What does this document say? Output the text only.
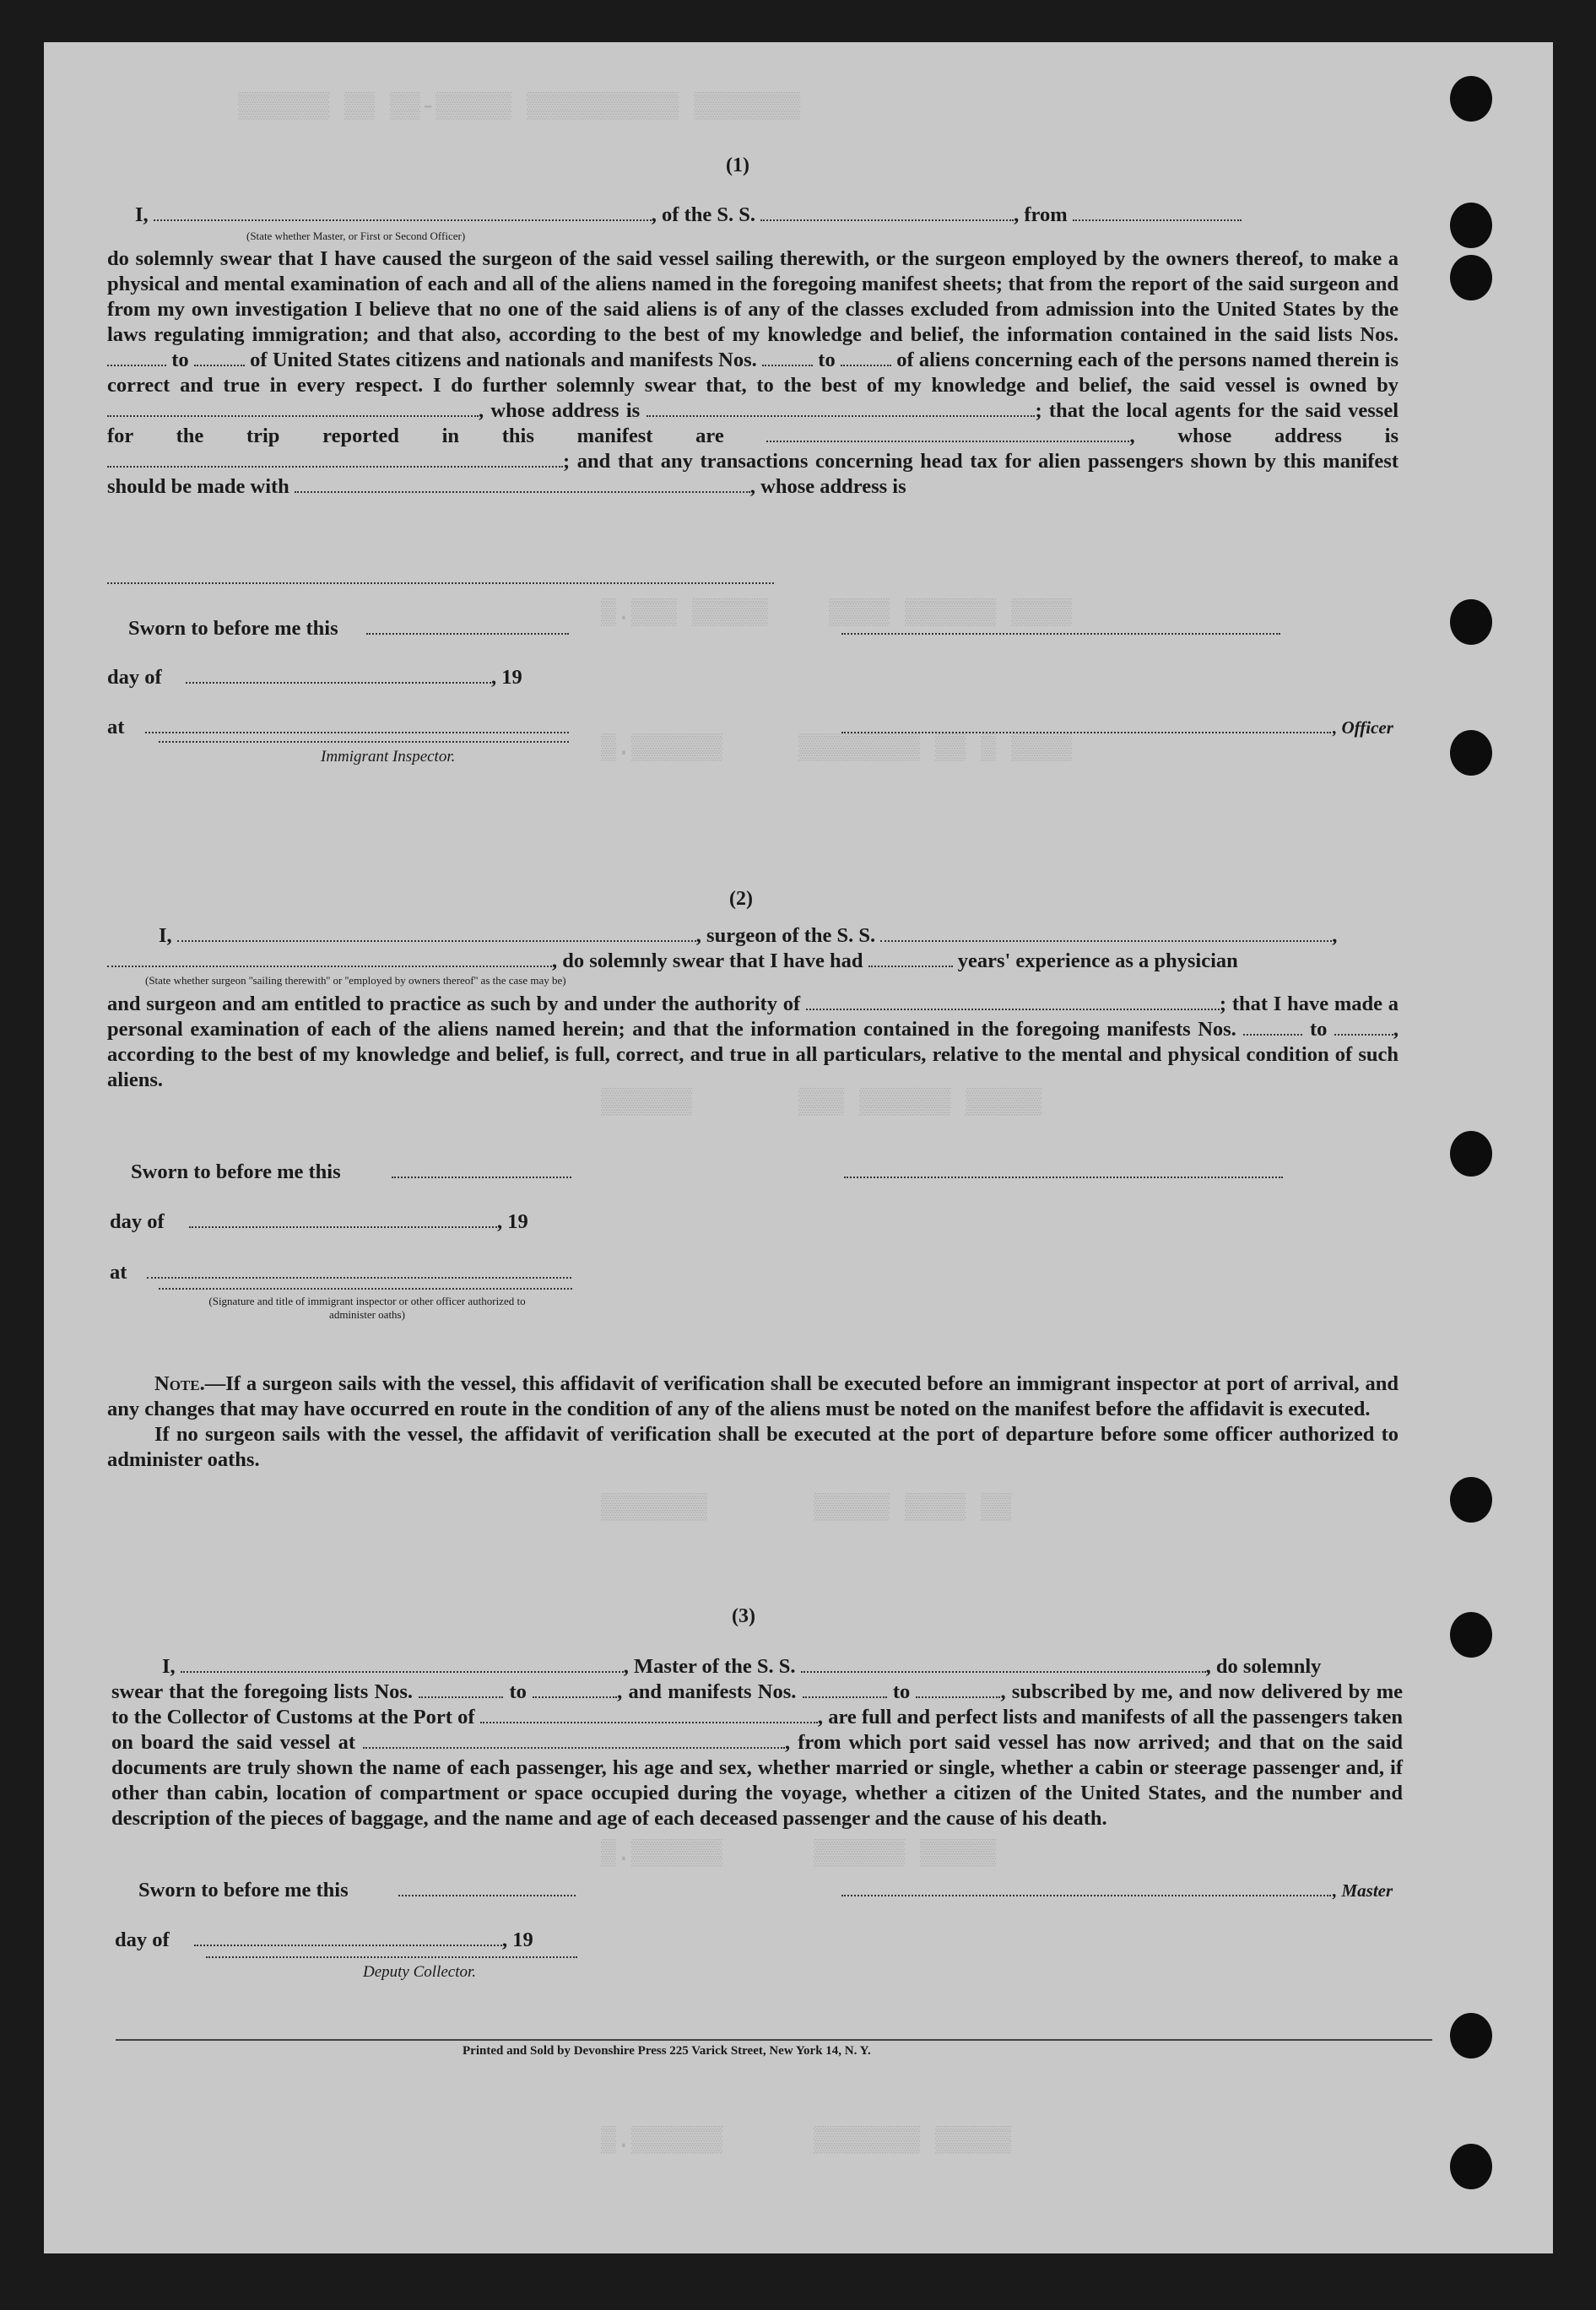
▒▒▒▒▒▒ ▒▒ ▒▒-▒▒▒▒▒ ▒▒▒▒▒▒▒▒▒▒ ▒▒▒▒▒▒▒
▒.▒▒▒ ▒▒▒▒▒    ▒▒▒▒ ▒▒▒▒▒▒ ▒▒▒▒
▒.▒▒▒▒▒▒     ▒▒▒▒▒▒▒▒ ▒▒ ▒ ▒▒▒▒
▒▒▒▒▒▒       ▒▒▒ ▒▒▒▒▒▒ ▒▒▒▒▒
▒▒▒▒▒▒▒       ▒▒▒▒▒ ▒▒▒▒ ▒▒
▒.▒▒▒▒▒▒      ▒▒▒▒▒▒ ▒▒▒▒▒
▒.▒▒▒▒▒▒      ▒▒▒▒▒▒▒ ▒▒▒▒▒
(1)
I,	, of the S. S.	, from
(State whether Master, or First or Second Officer)

do solemnly swear that I have caused the surgeon of the said vessel sailing therewith, or the surgeon employed by the owners thereof, to make a physical and mental examination of each and all of the aliens named in the foregoing manifest sheets; that from the report of the said surgeon and from my own investigation I believe that no one of the said aliens is of any of the classes excluded from admission into the United States by the laws regulating immigration; and that also, according to the best of my knowledge and belief, the information contained in the said lists Nos.  to	of United States citizens and nationals and manifests Nos.	to	of aliens concerning each of the persons named therein is correct and true in every respect. I do further solemnly swear that, to the best of my knowledge and belief, the said vessel is owned by , whose address is	; that the local agents for the said vessel for the trip reported in this manifest are	, whose address is ; and that any transactions concerning head tax for alien passengers shown by this manifest should be made with	, whose address is

Sworn to before me this
day of	, 19
at	, Officer
Immigrant Inspector.
(2)
I,	, surgeon of the S. S.	,
, do solemnly swear that I have had	years' experience as a physician
(State whether surgeon ''sailing therewith'' or ''employed by owners thereof'' as the case may be)

and surgeon and am entitled to practice as such by and under the authority of	; that I have made a personal examination of each of the aliens named herein; and that the information contained in the foregoing manifests Nos.	to	, according to the best of my knowledge and belief, is full, correct, and true in all particulars, relative to the mental and physical condition of such aliens.

Sworn to before me this
day of	, 19
at
(Signature and title of immigrant inspector or other officer authorized to administer oaths)

Note.—If a surgeon sails with the vessel, this affidavit of verification shall be executed before an immigrant inspector at port of arrival, and any changes that may have occurred en route in the condition of any of the aliens must be noted on the manifest before the affidavit is executed.

If no surgeon sails with the vessel, the affidavit of verification shall be executed at the port of departure before some officer authorized to administer oaths.

(3)
I,	, Master of the S. S.	, do solemnly

swear that the foregoing lists Nos.	to	, and manifests Nos.	to	, subscribed by me, and now delivered by me to the Collector of Customs at the Port of	, are full and perfect lists and manifests of all the passengers taken on board the said vessel at	, from which port said vessel has now arrived; and that on the said documents are truly shown the name of each passenger, his age and sex, whether married or single, whether a cabin or steerage passenger and, if other than cabin, location of compartment or space occupied during the voyage, whether a citizen of the United States, and the number and description of the pieces of baggage, and the name and age of each deceased passenger and the cause of his death.

Sworn to before me this	, Master
day of	, 19
Deputy Collector.
Printed and Sold by Devonshire Press 225 Varick Street, New York 14, N. Y.
